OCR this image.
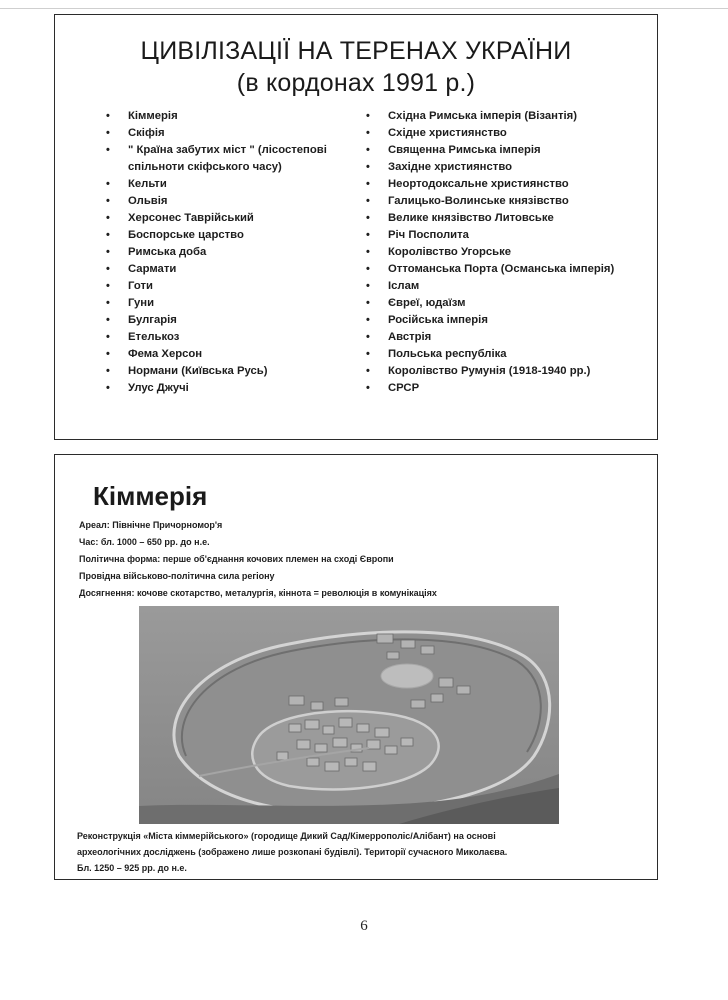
ЦИВІЛІЗАЦІЇ НА ТЕРЕНАХ УКРАЇНИ
(в кордонах 1991 р.)
• Кіммерія
• Скіфія
• " Країна забутих міст " (лісостепові спільноти скіфського часу)
• Кельти
• Ольвія
• Херсонес Таврійський
• Боспорське царство
• Римська доба
• Сармати
• Готи
• Гуни
• Булгарія
• Етелькоз
• Фема Херсон
• Нормани (Київська Русь)
• Улус Джучі
• Східна Римська імперія (Візантія)
• Східне християнство
• Священна Римська імперія
• Західне християнство
• Неортодоксальне християнство
• Галицько-Волинське князівство
• Велике князівство Литовське
• Річ Посполита
• Королівство Угорське
• Оттоманська Порта (Османська імперія)
• Іслам
• Євреї, юдаїзм
• Російська імперія
• Австрія
• Польська республіка
• Королівство Румунія (1918-1940 рр.)
• СРСР
Кіммерія
Ареал: Північне Причорномор'я
Час: бл. 1000 – 650 рр. до н.е.
Політична форма: перше об'єднання кочових племен на сході Європи
Провідна військово-політична сила регіону
Досягнення: кочове скотарство, металургія, кіннота = революція в комунікаціях
Реконструкція «Міста кіммерійського» (городище Дикий Сад/Кімеррополіс/Алібант) на основі
археологічних досліджень (зображено лише розкопані будівлі). Території сучасного Миколаєва.
Бл. 1250 – 925 рр. до н.е.
6
